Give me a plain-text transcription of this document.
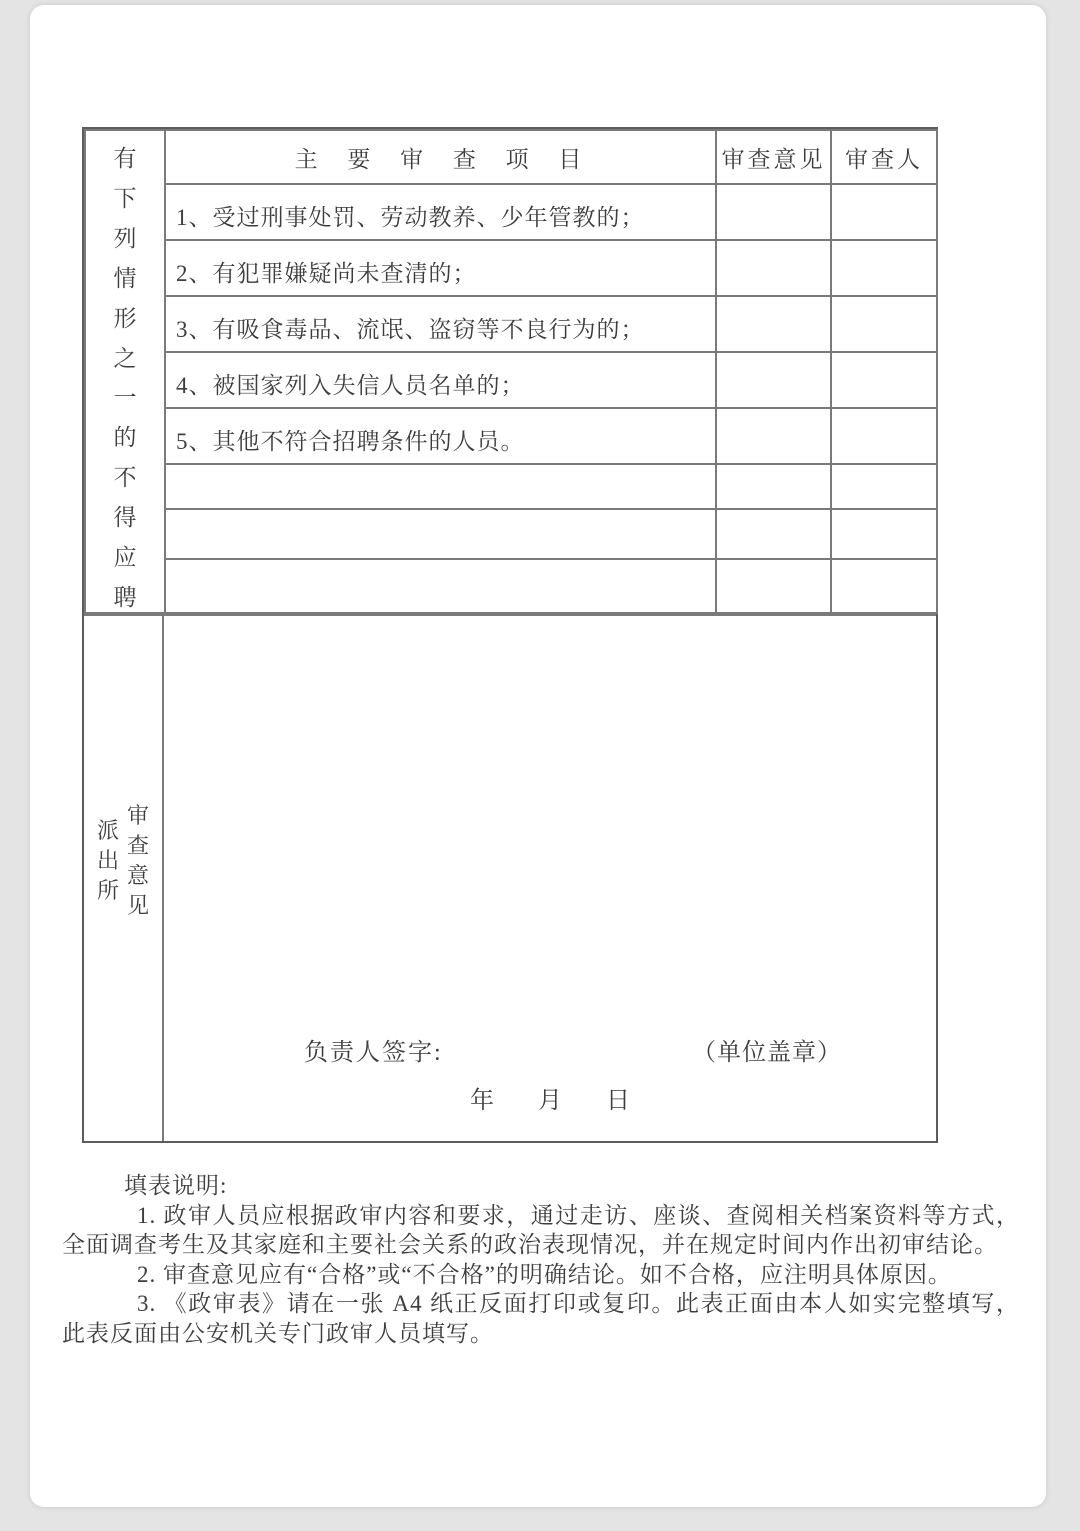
有
下
列
情
形
之
一
的
不
得
应
聘
	主 要 审 查 项 目	审查意见	审查人
	1、受过刑事处罚、劳动教养、少年管教的；		
	2、有犯罪嫌疑尚未查清的；		
	3、有吸食毒品、流氓、盗窃等不良行为的；		
	4、被国家列入失信人员名单的；		
	5、其他不符合招聘条件的人员。		

派
出
所
审
查
意
见
负责人签字:	（单位盖章）
年 月 日
填表说明:

1. 政审人员应根据政审内容和要求，通过走访、座谈、查阅相关档案资料等方式，全面调查考生及其家庭和主要社会关系的政治表现情况，并在规定时间内作出初审结论。

2. 审查意见应有“合格”或“不合格”的明确结论。如不合格，应注明具体原因。

3. 《政审表》请在一张 A4 纸正反面打印或复印。此表正面由本人如实完整填写，此表反面由公安机关专门政审人员填写。
